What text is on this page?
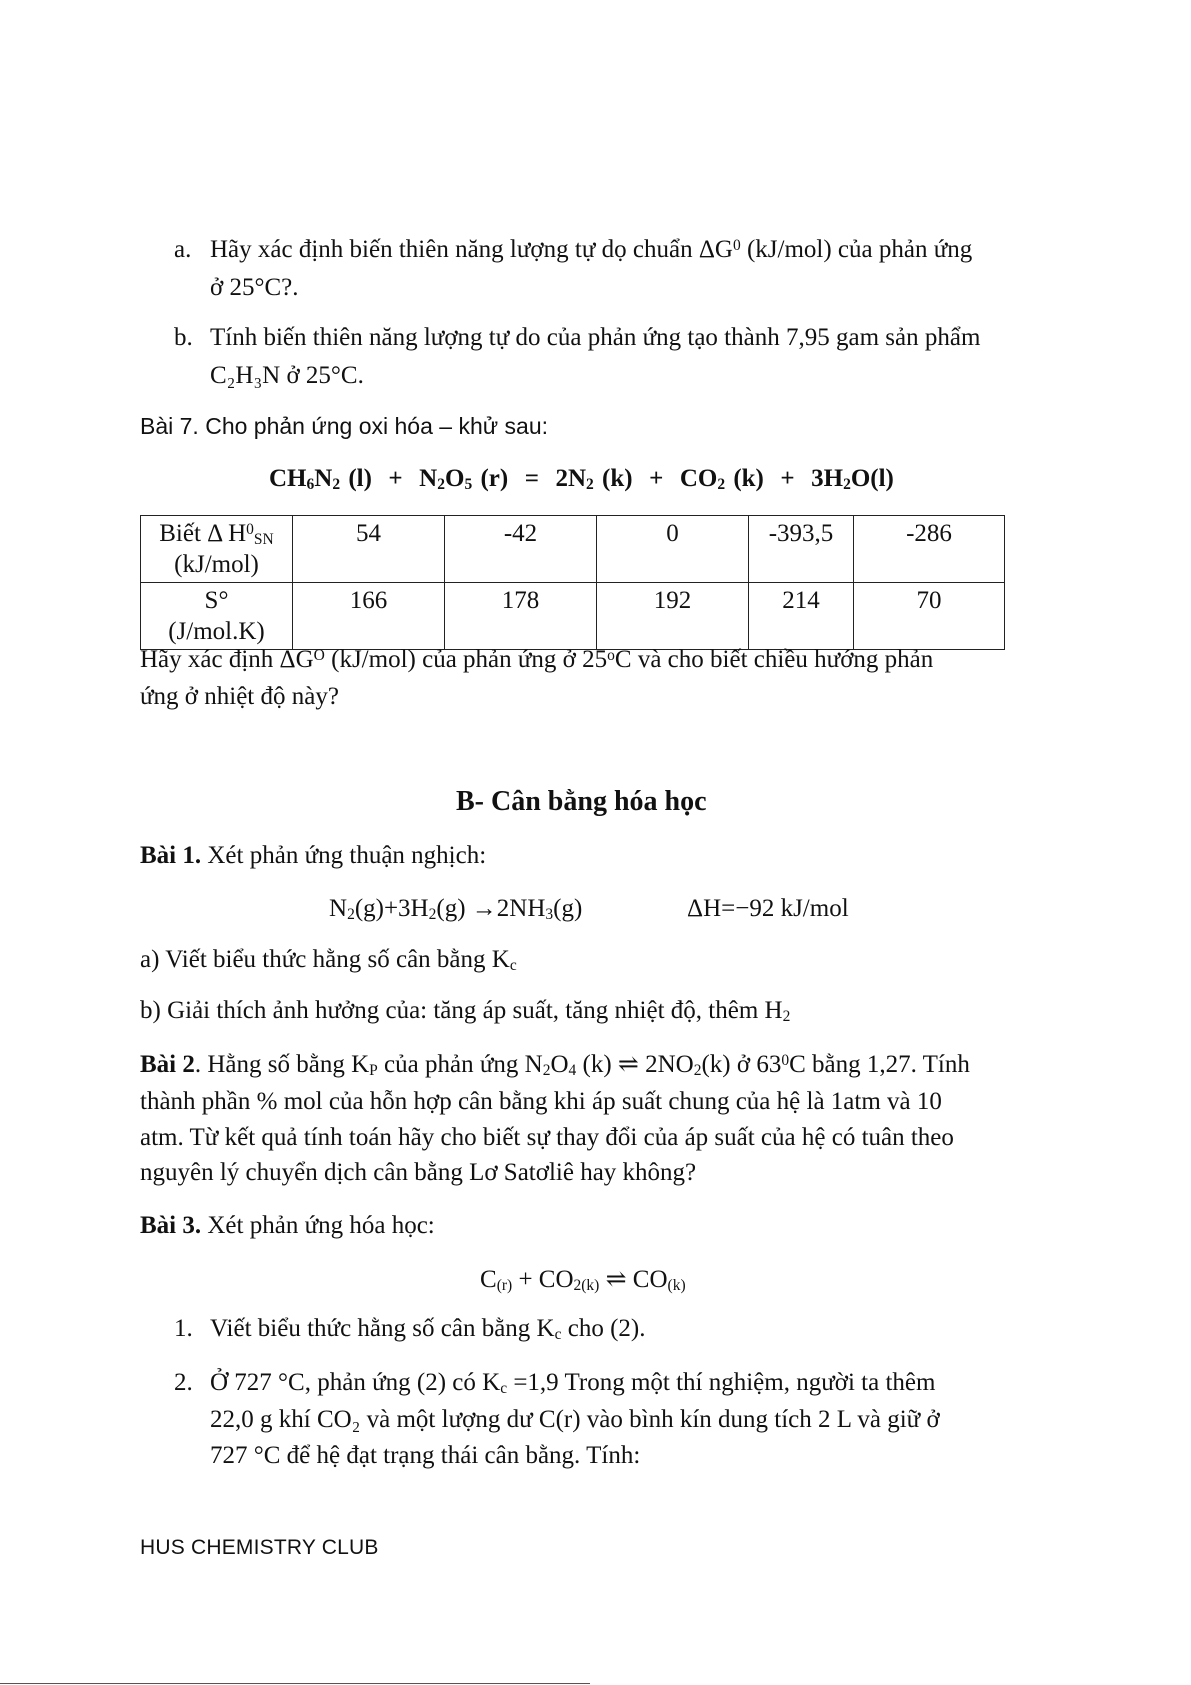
a. Hãy xác định biến thiên năng lượng tự dọ chuẩn $\Delta G^0$ (kJ/mol) của phản ứng
ở 25°C?.
b. Tính biến thiên năng lượng tự do của phản ứng tạo thành 7,95 gam sản phẩm
C₂H₃N ở 25°C.
Bài 7. Cho phản ứng oxi hóa – khử sau:
$CH_6N_2$ $(l) + N_2O_5$ $(r) = 2N_2$ $(k) + CO_2$ $(k) + 3H_2O(l)$
Biết Δ $H^0_{SN}$
(kJ/mol)	54	-42	0	-393,5	-286
S°
(J/mol.K)	166	178	192	214	70
Hãy xác định $\Delta G^O$ (kJ/mol) của phản ứng ở 25$^o$C và cho biết chiều hướng phản
ứng ở nhiệt độ này?
B- Cân bằng hóa học
Bài 1. Xét phản ứng thuận nghịch:
$N_2(g)+3H_2(g) \to 2NH_3(g)$	ΔH=−92 kJ/mol
a) Viết biểu thức hằng số cân bằng $K_c$
b) Giải thích ảnh hưởng của: tăng áp suất, tăng nhiệt độ, thêm $H_2$
Bài 2. Hằng số bằng $K_P$ của phản ứng $N_2O_4$ (k) ⇌ $2NO_2(k)$ ở $63^0C$ bằng 1,27. Tính
thành phần % mol của hỗn hợp cân bằng khi áp suất chung của hệ là 1atm và 10
atm. Từ kết quả tính toán hãy cho biết sự thay đổi của áp suất của hệ có tuân theo
nguyên lý chuyển dịch cân bằng Lơ Satơliê hay không?
Bài 3. Xét phản ứng hóa học:
$C_{(r)} + CO_{2(k)}$ ⇌ $CO_{(k)}$
1. Viết biểu thức hằng số cân bằng $K_c$ cho (2).
2. Ở 727 °C, phản ứng (2) có $K_c =1,9$ Trong một thí nghiệm, người ta thêm
22,0 g khí CO₂ và một lượng dư C(r) vào bình kín dung tích 2 L và giữ ở
727 °C để hệ đạt trạng thái cân bằng. Tính:
HUS CHEMISTRY CLUB
